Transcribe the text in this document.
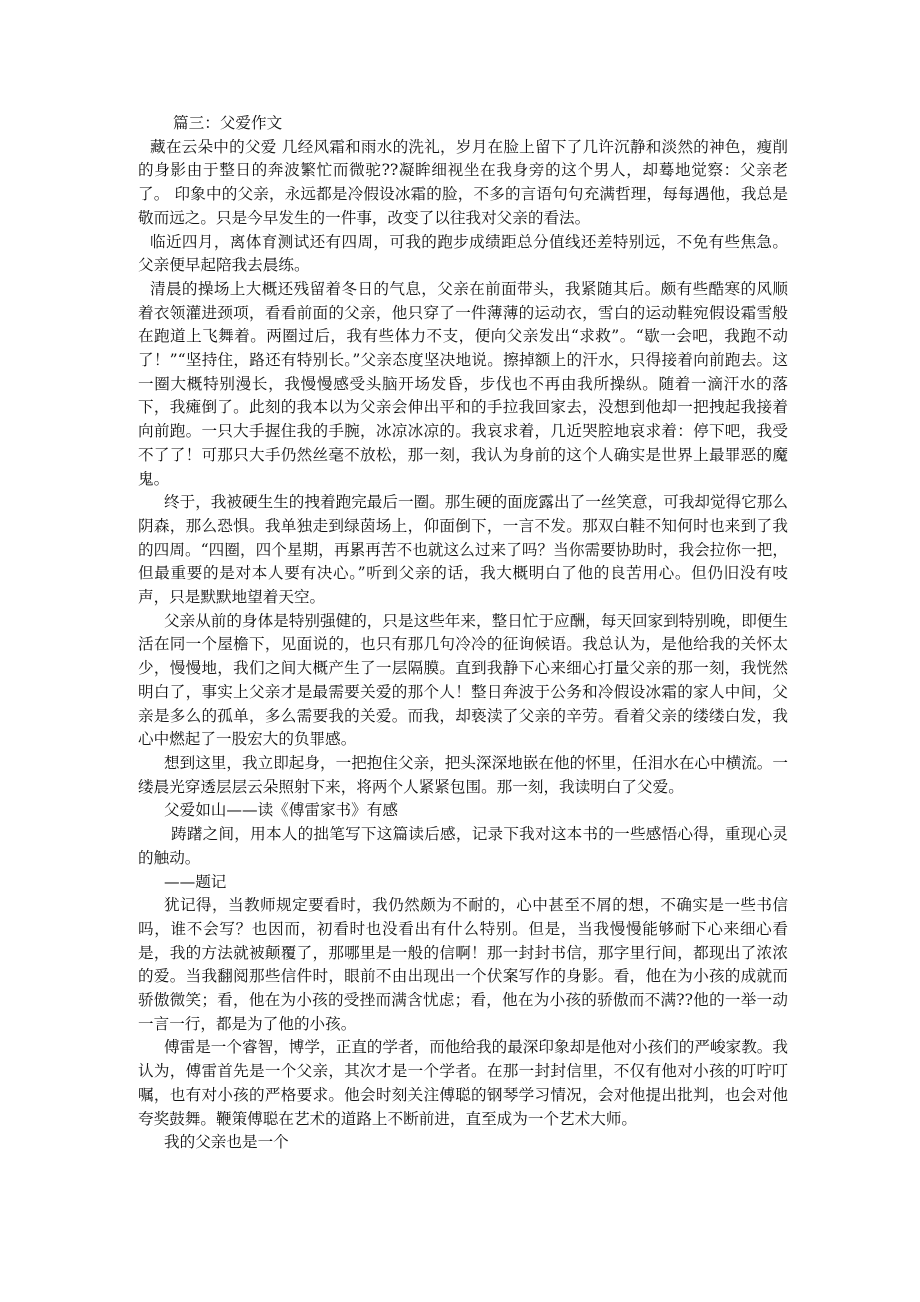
篇三：父爱作文

藏在云朵中的父爱 几经风霜和雨水的洗礼，岁月在脸上留下了几许沉静和淡然的神色，瘦削的身影由于整日的奔波繁忙而微驼??凝眸细视坐在我身旁的这个男人，却蓦地觉察：父亲老了。 印象中的父亲，永远都是冷假设冰霜的脸，不多的言语句句充满哲理，每每遇他，我总是敬而远之。只是今早发生的一件事，改变了以往我对父亲的看法。

临近四月，离体育测试还有四周，可我的跑步成绩距总分值线还差特别远，不免有些焦急。父亲便早起陪我去晨练。

清晨的操场上大概还残留着冬日的气息，父亲在前面带头，我紧随其后。颇有些酷寒的风顺着衣领灌进颈项，看看前面的父亲，他只穿了一件薄薄的运动衣，雪白的运动鞋宛假设霜雪般在跑道上飞舞着。两圈过后，我有些体力不支，便向父亲发出“求救”。“歇一会吧，我跑不动了！”“坚持住，路还有特别长。”父亲态度坚决地说。擦掉额上的汗水，只得接着向前跑去。这一圈大概特别漫长，我慢慢感受头脑开场发昏，步伐也不再由我所操纵。随着一滴汗水的落下，我瘫倒了。此刻的我本以为父亲会伸出平和的手拉我回家去，没想到他却一把拽起我接着向前跑。一只大手握住我的手腕，冰凉冰凉的。我哀求着，几近哭腔地哀求着：停下吧，我受不了了！可那只大手仍然丝毫不放松，那一刻，我认为身前的这个人确实是世界上最罪恶的魔鬼。

终于，我被硬生生的拽着跑完最后一圈。那生硬的面庞露出了一丝笑意，可我却觉得它那么阴森，那么恐惧。我单独走到绿茵场上，仰面倒下，一言不发。那双白鞋不知何时也来到了我的四周。“四圈，四个星期，再累再苦不也就这么过来了吗？当你需要协助时，我会拉你一把，但最重要的是对本人要有决心。”听到父亲的话，我大概明白了他的良苦用心。但仍旧没有吱声，只是默默地望着天空。

父亲从前的身体是特别强健的，只是这些年来，整日忙于应酬，每天回家到特别晚，即便生活在同一个屋檐下，见面说的，也只有那几句冷冷的征询候语。我总认为，是他给我的关怀太少，慢慢地，我们之间大概产生了一层隔膜。直到我静下心来细心打量父亲的那一刻，我恍然明白了，事实上父亲才是最需要关爱的那个人！整日奔波于公务和冷假设冰霜的家人中间，父亲是多么的孤单，多么需要我的关爱。而我，却亵渎了父亲的辛劳。看着父亲的缕缕白发，我心中燃起了一股宏大的负罪感。

想到这里，我立即起身，一把抱住父亲，把头深深地嵌在他的怀里，任泪水在心中横流。一缕晨光穿透层层云朵照射下来，将两个人紧紧包围。那一刻，我读明白了父爱。

父爱如山——读《傅雷家书》有感

踌躇之间，用本人的拙笔写下这篇读后感，记录下我对这本书的一些感悟心得，重现心灵的触动。

——题记

犹记得，当教师规定要看时，我仍然颇为不耐的，心中甚至不屑的想，不确实是一些书信吗，谁不会写？也因而，初看时也没看出有什么特别。但是，当我慢慢能够耐下心来细心看是，我的方法就被颠覆了，那哪里是一般的信啊！那一封封书信，那字里行间，都现出了浓浓的爱。当我翻阅那些信件时，眼前不由出现出一个伏案写作的身影。看，他在为小孩的成就而骄傲微笑；看，他在为小孩的受挫而满含忧虑；看，他在为小孩的骄傲而不满??他的一举一动一言一行，都是为了他的小孩。

傅雷是一个睿智，博学，正直的学者，而他给我的最深印象却是他对小孩们的严峻家教。我认为，傅雷首先是一个父亲，其次才是一个学者。在那一封封信里，不仅有他对小孩的叮咛叮嘱，也有对小孩的严格要求。他会时刻关注傅聪的钢琴学习情况，会对他提出批判，也会对他夸奖鼓舞。鞭策傅聪在艺术的道路上不断前进，直至成为一个艺术大师。

我的父亲也是一个
